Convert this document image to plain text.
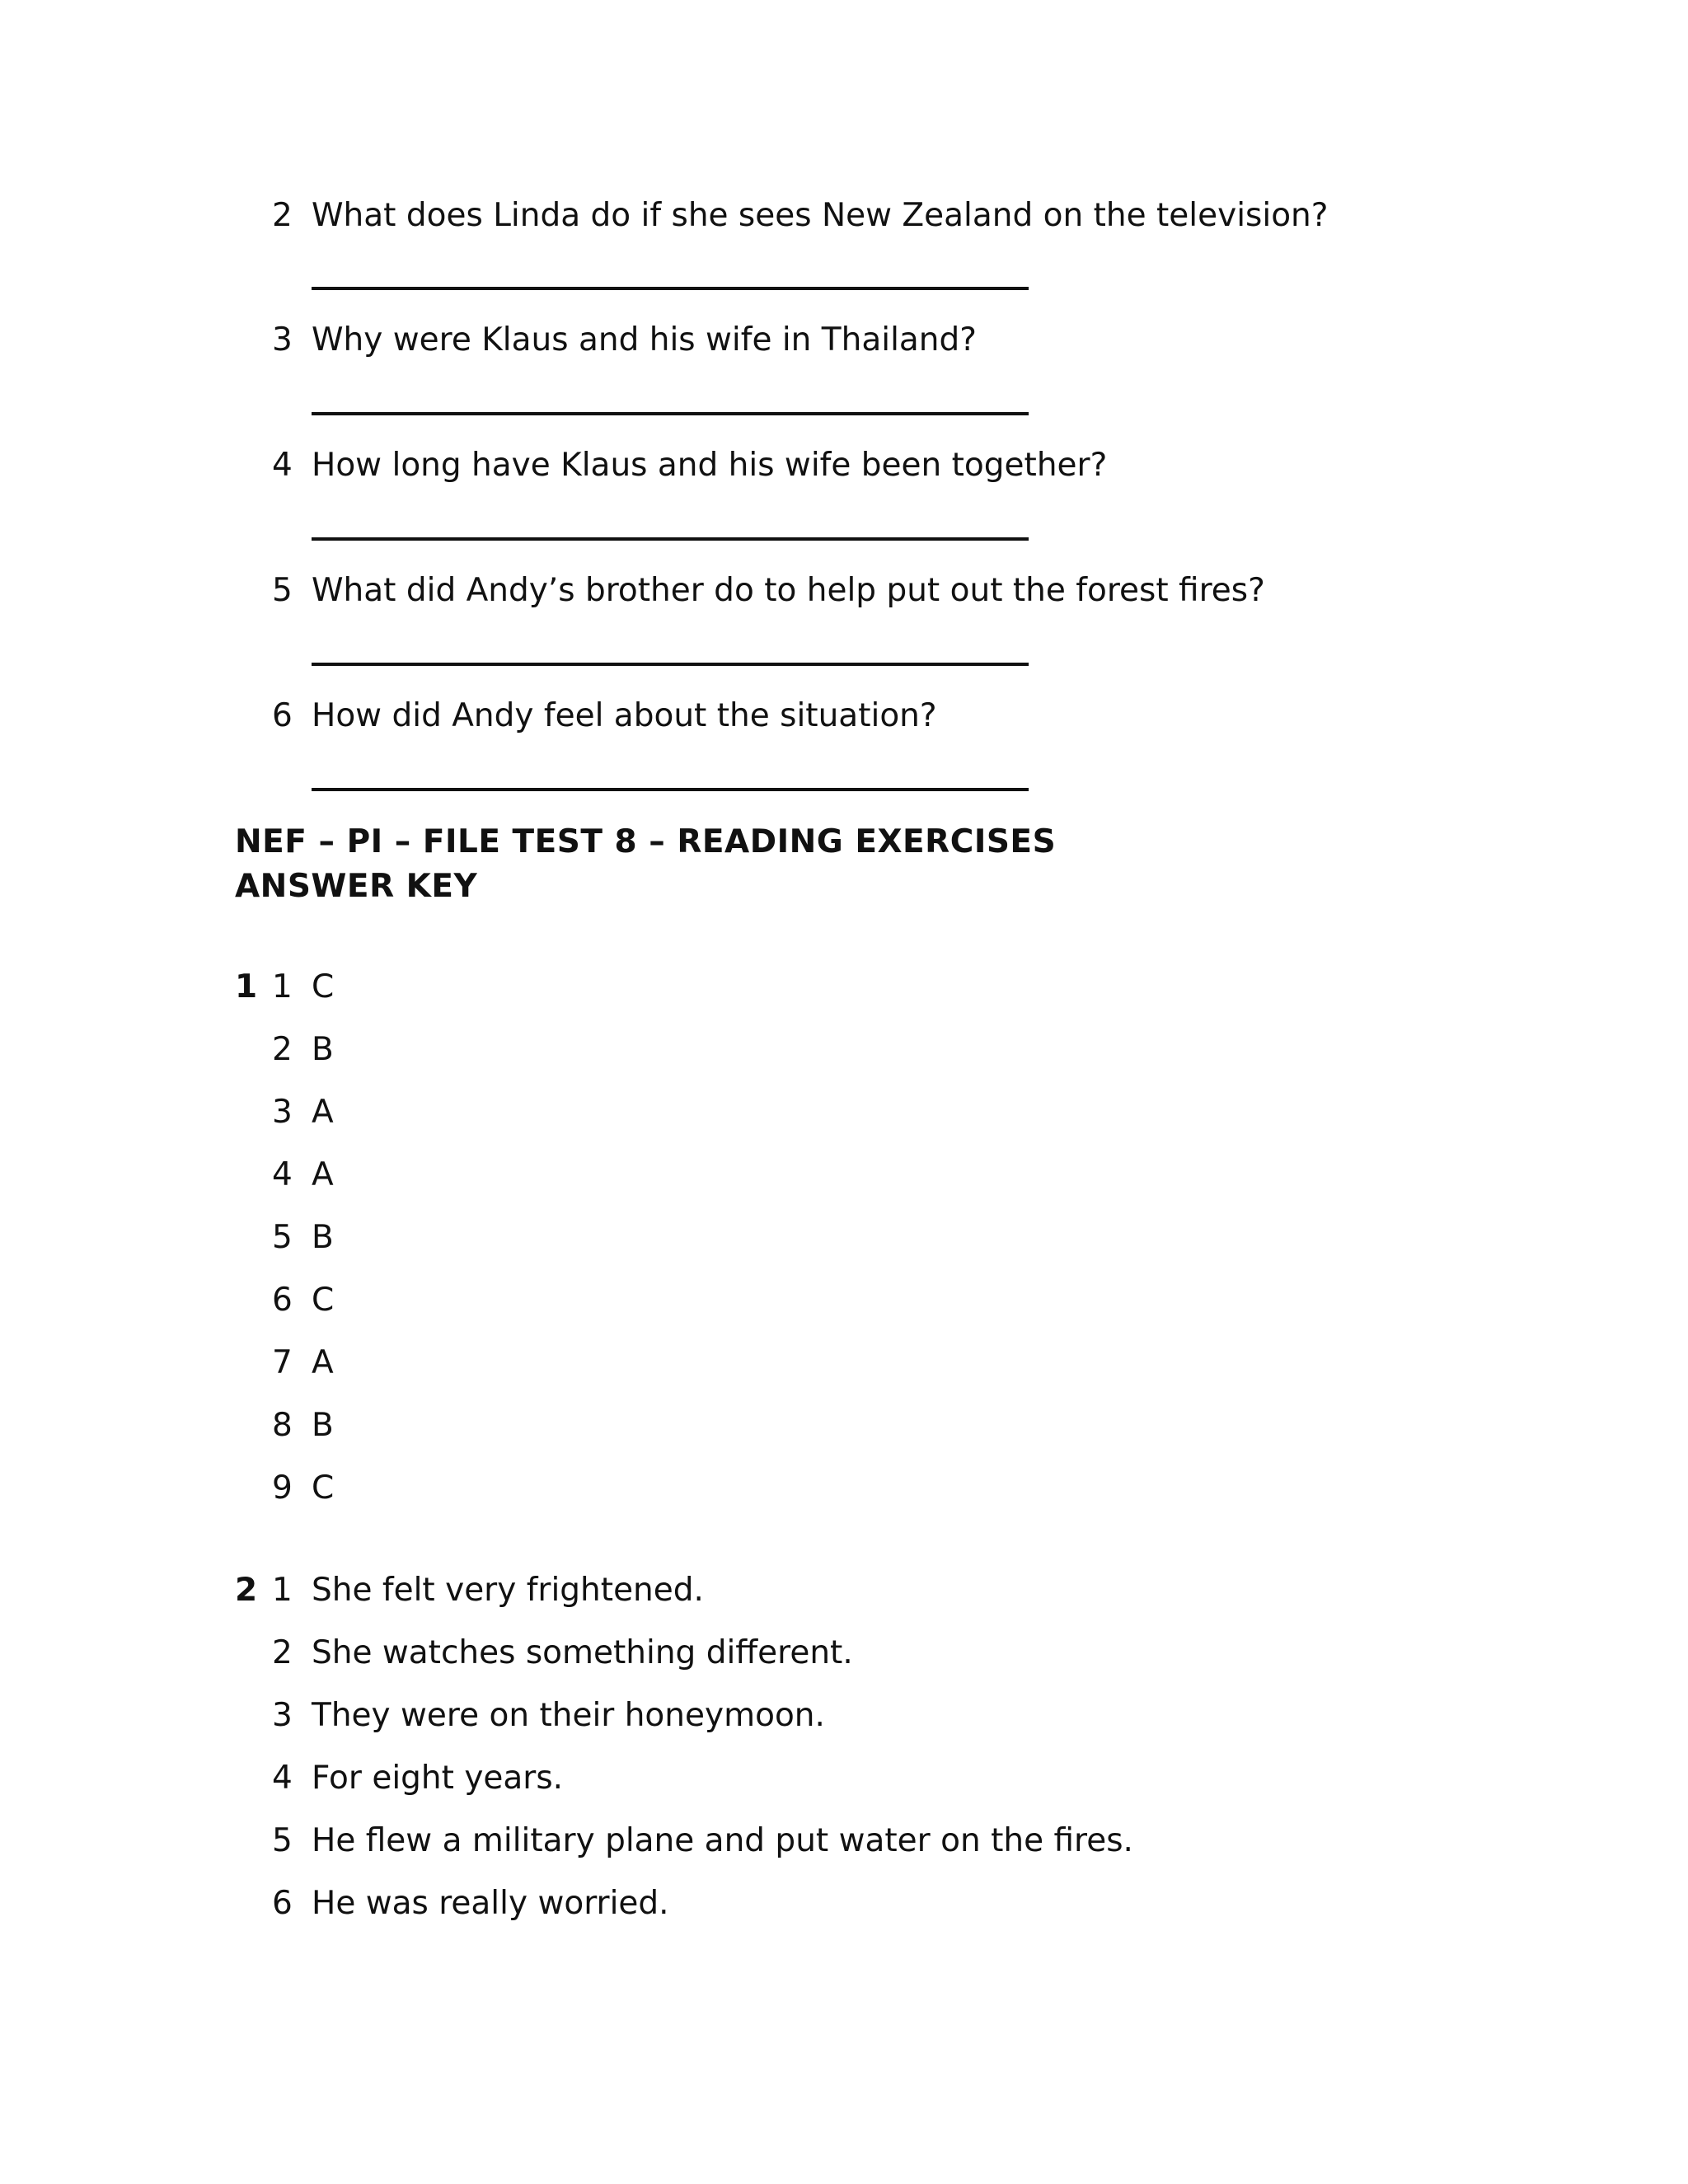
2 What does Linda do if she sees New Zealand on the television?
3 Why were Klaus and his wife in Thailand?
4 How long have Klaus and his wife been together?
5 What did Andy’s brother do to help put out the forest fires?
6 How did Andy feel about the situation?
NEF – PI – FILE TEST 8 – READING EXERCISES
ANSWER KEY
1 1 C
2 B
3 A
4 A
5 B
6 C
7 A
8 B
9 C
2 1 She felt very frightened.
2 She watches something different.
3 They were on their honeymoon.
4 For eight years.
5 He flew a military plane and put water on the fires.
6 He was really worried.
